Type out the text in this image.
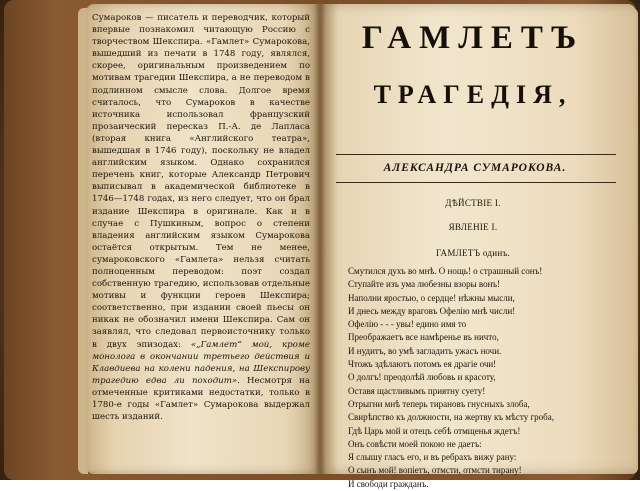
Сумароков — писатель и переводчик, который впервые познакомил читающую Россию с творчеством Шекспира. «Гамлет» Сумарокова, вышедший из печати в 1748 году, являлся, скорее, оригинальным произведением по мотивам трагедии Шекспира, а не переводом в подлинном смысле слова. Долгое время считалось, что Сумароков в качестве источника использовал французский прозаический пересказ П.-А. де Лапласа (вторая книга «Английского театра», вышедшая в 1746 году), поскольку не владел английским языком. Однако сохранился перечень книг, которые Александр Петрович выписывал в академической библиотеке в 1746—1748 годах, из него следует, что он брал издание Шекспира в оригинале. Как и в случае с Пушкиным, вопрос о степени владения английским языком Сумарокова остаётся открытым. Тем не менее, сумароковского «Гамлета» нельзя считать полноценным переводом: поэт создал собственную трагедию, использовав отдельные мотивы и функции героев Шекспира; соответственно, при издании своей пьесы он никак не обозначил имени Шекспира. Сам он заявлял, что следовал первоисточнику только в двух эпизодах: «„Гамлет“ мой, кроме монолога в окончании третьего действия и Клавдиева на колени падения, на Шекспирову трагедию едва ли походит». Несмотря на отмеченные критиками недостатки, только в 1780-е годы «Гамлет» Сумарокова выдержал шесть изданий.

ГАМЛЕТЪ

ТРАГЕДІЯ,

АЛЕКСАНДРА СУМАРОКОВА.

ДѢЙСТВІЕ I.

ЯВЛЕНІЕ I.

ГАМЛЕТЪ одинъ.

Смутился духъ во мнѣ. О нощь! о страшный сонъ!
Ступайте изъ ума любезны взоры вонъ!
Наполни яростью, о сердце! нѣжны мысли,
И днесь между враговъ Офелію мнѣ числи!
Офелію - - - увы! едино имя то
Преображаетъ все намѣренье въ ничто,
И нудитъ, во умѣ загладить ужасъ ночи.
Чтожъ здѣлаютъ потомъ ея драгіе очи!
О долгъ! преодолѣй любовь и красоту,
Оставя щастливымъ приятну суету!
Отрыгни мнѣ теперь тирановъ гнусныхъ злоба,
Свирѣпство къ должности, на жертву къ мѣсту гроба,
Гдѣ Царь мой и отецъ себѣ отмщенья ждетъ!
Онъ совѣсти моей покою не даетъ:
Я слышу гласъ его, и въ ребрахъ вижу рану:
О сынъ мой! вопіетъ, отмсти, отмсти тирану!
И свободи гражданъ.
